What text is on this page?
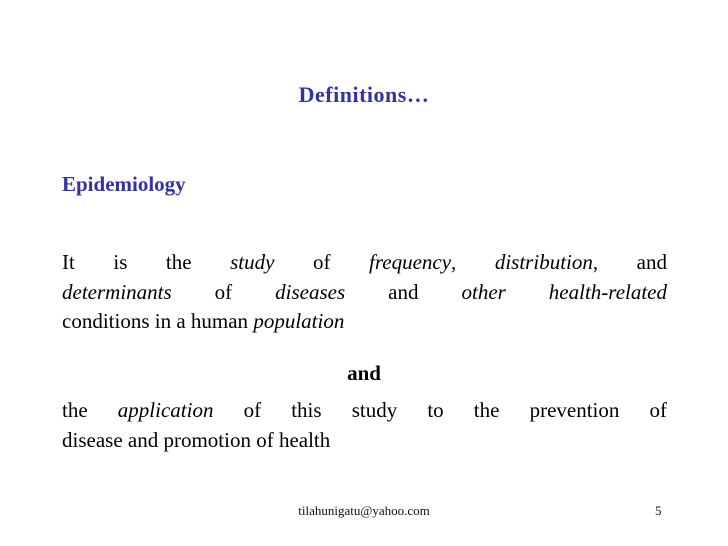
Definitions…
Epidemiology
It is the study of frequency, distribution, and
determinants of diseases and other health-related
conditions in a human population

and

the application of this study to the prevention of
disease and promotion of health
tilahunigatu@yahoo.com	5
